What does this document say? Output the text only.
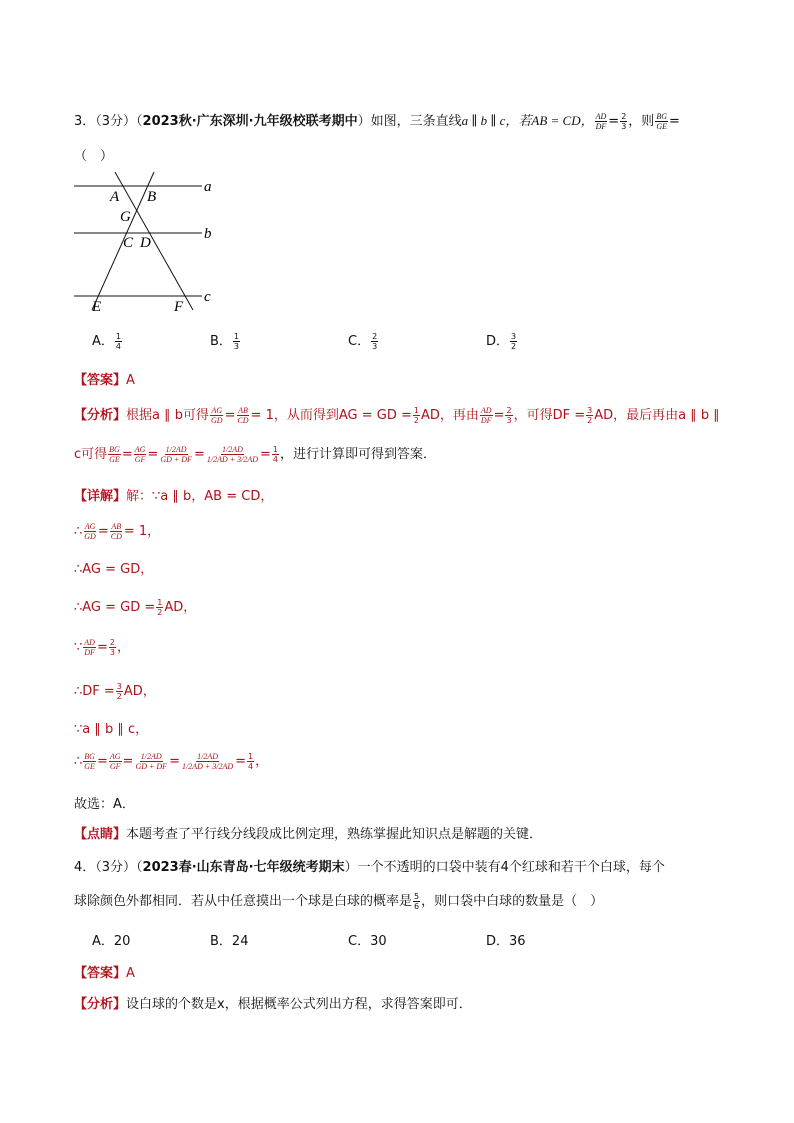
3．（3分）（2023秋·广东深圳·九年级校联考期中）如图，三条直线a ∥ b ∥ c，若AB = CD， $\frac{AD}{DF} = \frac{2}{3}$ ，则 $\frac{BG}{GE}$ =
（　）
A B
G
C D
E	F
a
b
c
A． $\frac{1}{4}$	B． $\frac{1}{3}$	C． $\frac{2}{3}$	D． $\frac{3}{2}$
【答案】A
【分析】根据a ∥ b可得 $\frac{AG}{GD} = \frac{AB}{CD} = 1$，从而得到AG = GD = $\frac{1}{2}$ AD，再由 $\frac{AD}{DF} = \frac{2}{3}$ ，可得DF = $\frac{3}{2}$ AD，最后再由a ∥ b ∥
c可得 $\frac{BG}{GE} = \frac{AG}{GF} = \frac{1/2AD}{GD + DF} = \frac{1/2AD}{1/2AD + 3/2AD} = \frac{1}{4}$ ，进行计算即可得到答案．
【详解】解：∵a ∥ b，AB = CD，
∴ $\frac{AG}{GD} = \frac{AB}{CD} = 1$，
∴AG = GD，
∴AG = GD = $\frac{1}{2}$ AD，
∵ $\frac{AD}{DF} = \frac{2}{3}$ ，
∴DF = $\frac{3}{2}$ AD，
∵a ∥ b ∥ c，
∴ $\frac{BG}{GE} = \frac{AG}{GF} = \frac{1/2AD}{GD + DF} = \frac{1/2AD}{1/2AD + 3/2AD} = \frac{1}{4}$ ，
故选：A．
【点睛】本题考查了平行线分线段成比例定理，熟练掌握此知识点是解题的关键．
4．（3分）（2023春·山东青岛·七年级统考期末）一个不透明的口袋中装有4个红球和若干个白球，每个
球除颜色外都相同．若从中任意摸出一个球是白球的概率是 $\frac{5}{6}$ ，则口袋中白球的数量是（　）
A．20	B．24	C．30	D．36
【答案】A
【分析】设白球的个数是x，根据概率公式列出方程，求得答案即可．
